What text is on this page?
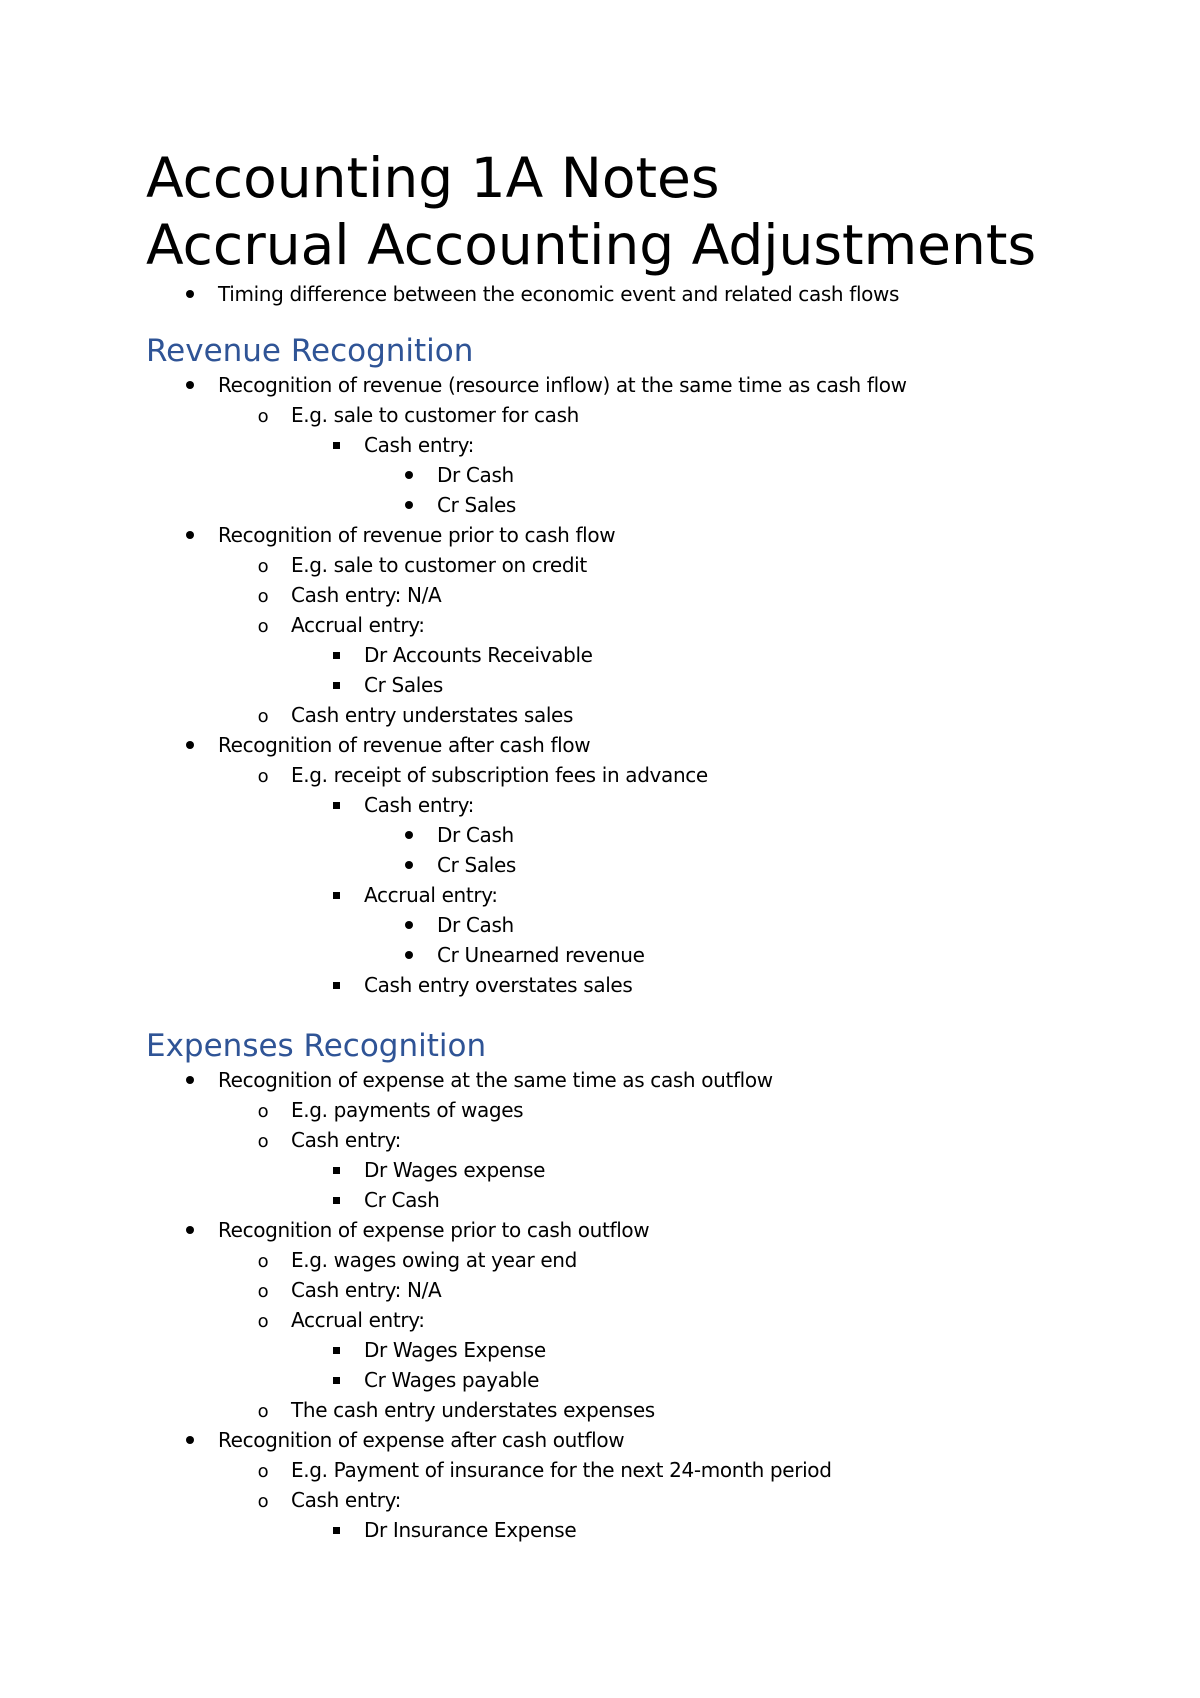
Accounting 1A Notes
Accrual Accounting Adjustments
Timing difference between the economic event and related cash flows
Revenue Recognition
Recognition of revenue (resource inflow) at the same time as cash flow
o E.g. sale to customer for cash
Cash entry:
Dr Cash
Cr Sales
Recognition of revenue prior to cash flow
o E.g. sale to customer on credit
o Cash entry: N/A
o Accrual entry:
Dr Accounts Receivable
Cr Sales
o Cash entry understates sales
Recognition of revenue after cash flow
o E.g. receipt of subscription fees in advance
Cash entry:
Dr Cash
Cr Sales
Accrual entry:
Dr Cash
Cr Unearned revenue
Cash entry overstates sales
Expenses Recognition
Recognition of expense at the same time as cash outflow
o E.g. payments of wages
o Cash entry:
Dr Wages expense
Cr Cash
Recognition of expense prior to cash outflow
o E.g. wages owing at year end
o Cash entry: N/A
o Accrual entry:
Dr Wages Expense
Cr Wages payable
o The cash entry understates expenses
Recognition of expense after cash outflow
o E.g. Payment of insurance for the next 24-month period
o Cash entry:
Dr Insurance Expense
